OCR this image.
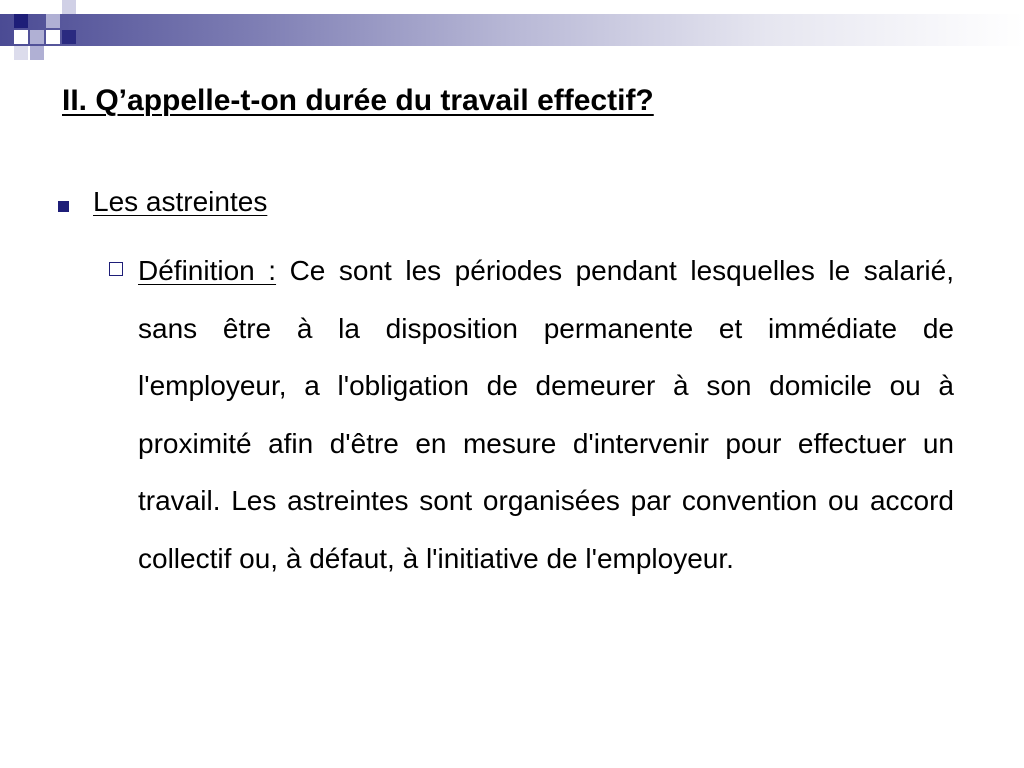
II. Q’appelle-t-on durée du travail effectif?
Les astreintes

Définition : Ce sont les périodes pendant lesquelles le salarié, sans être à la disposition permanente et immédiate de l'employeur, a l'obligation de demeurer à son domicile ou à proximité afin d'être en mesure d'intervenir pour effectuer un travail. Les astreintes sont organisées par convention ou accord collectif ou, à défaut, à l'initiative de l'employeur.
